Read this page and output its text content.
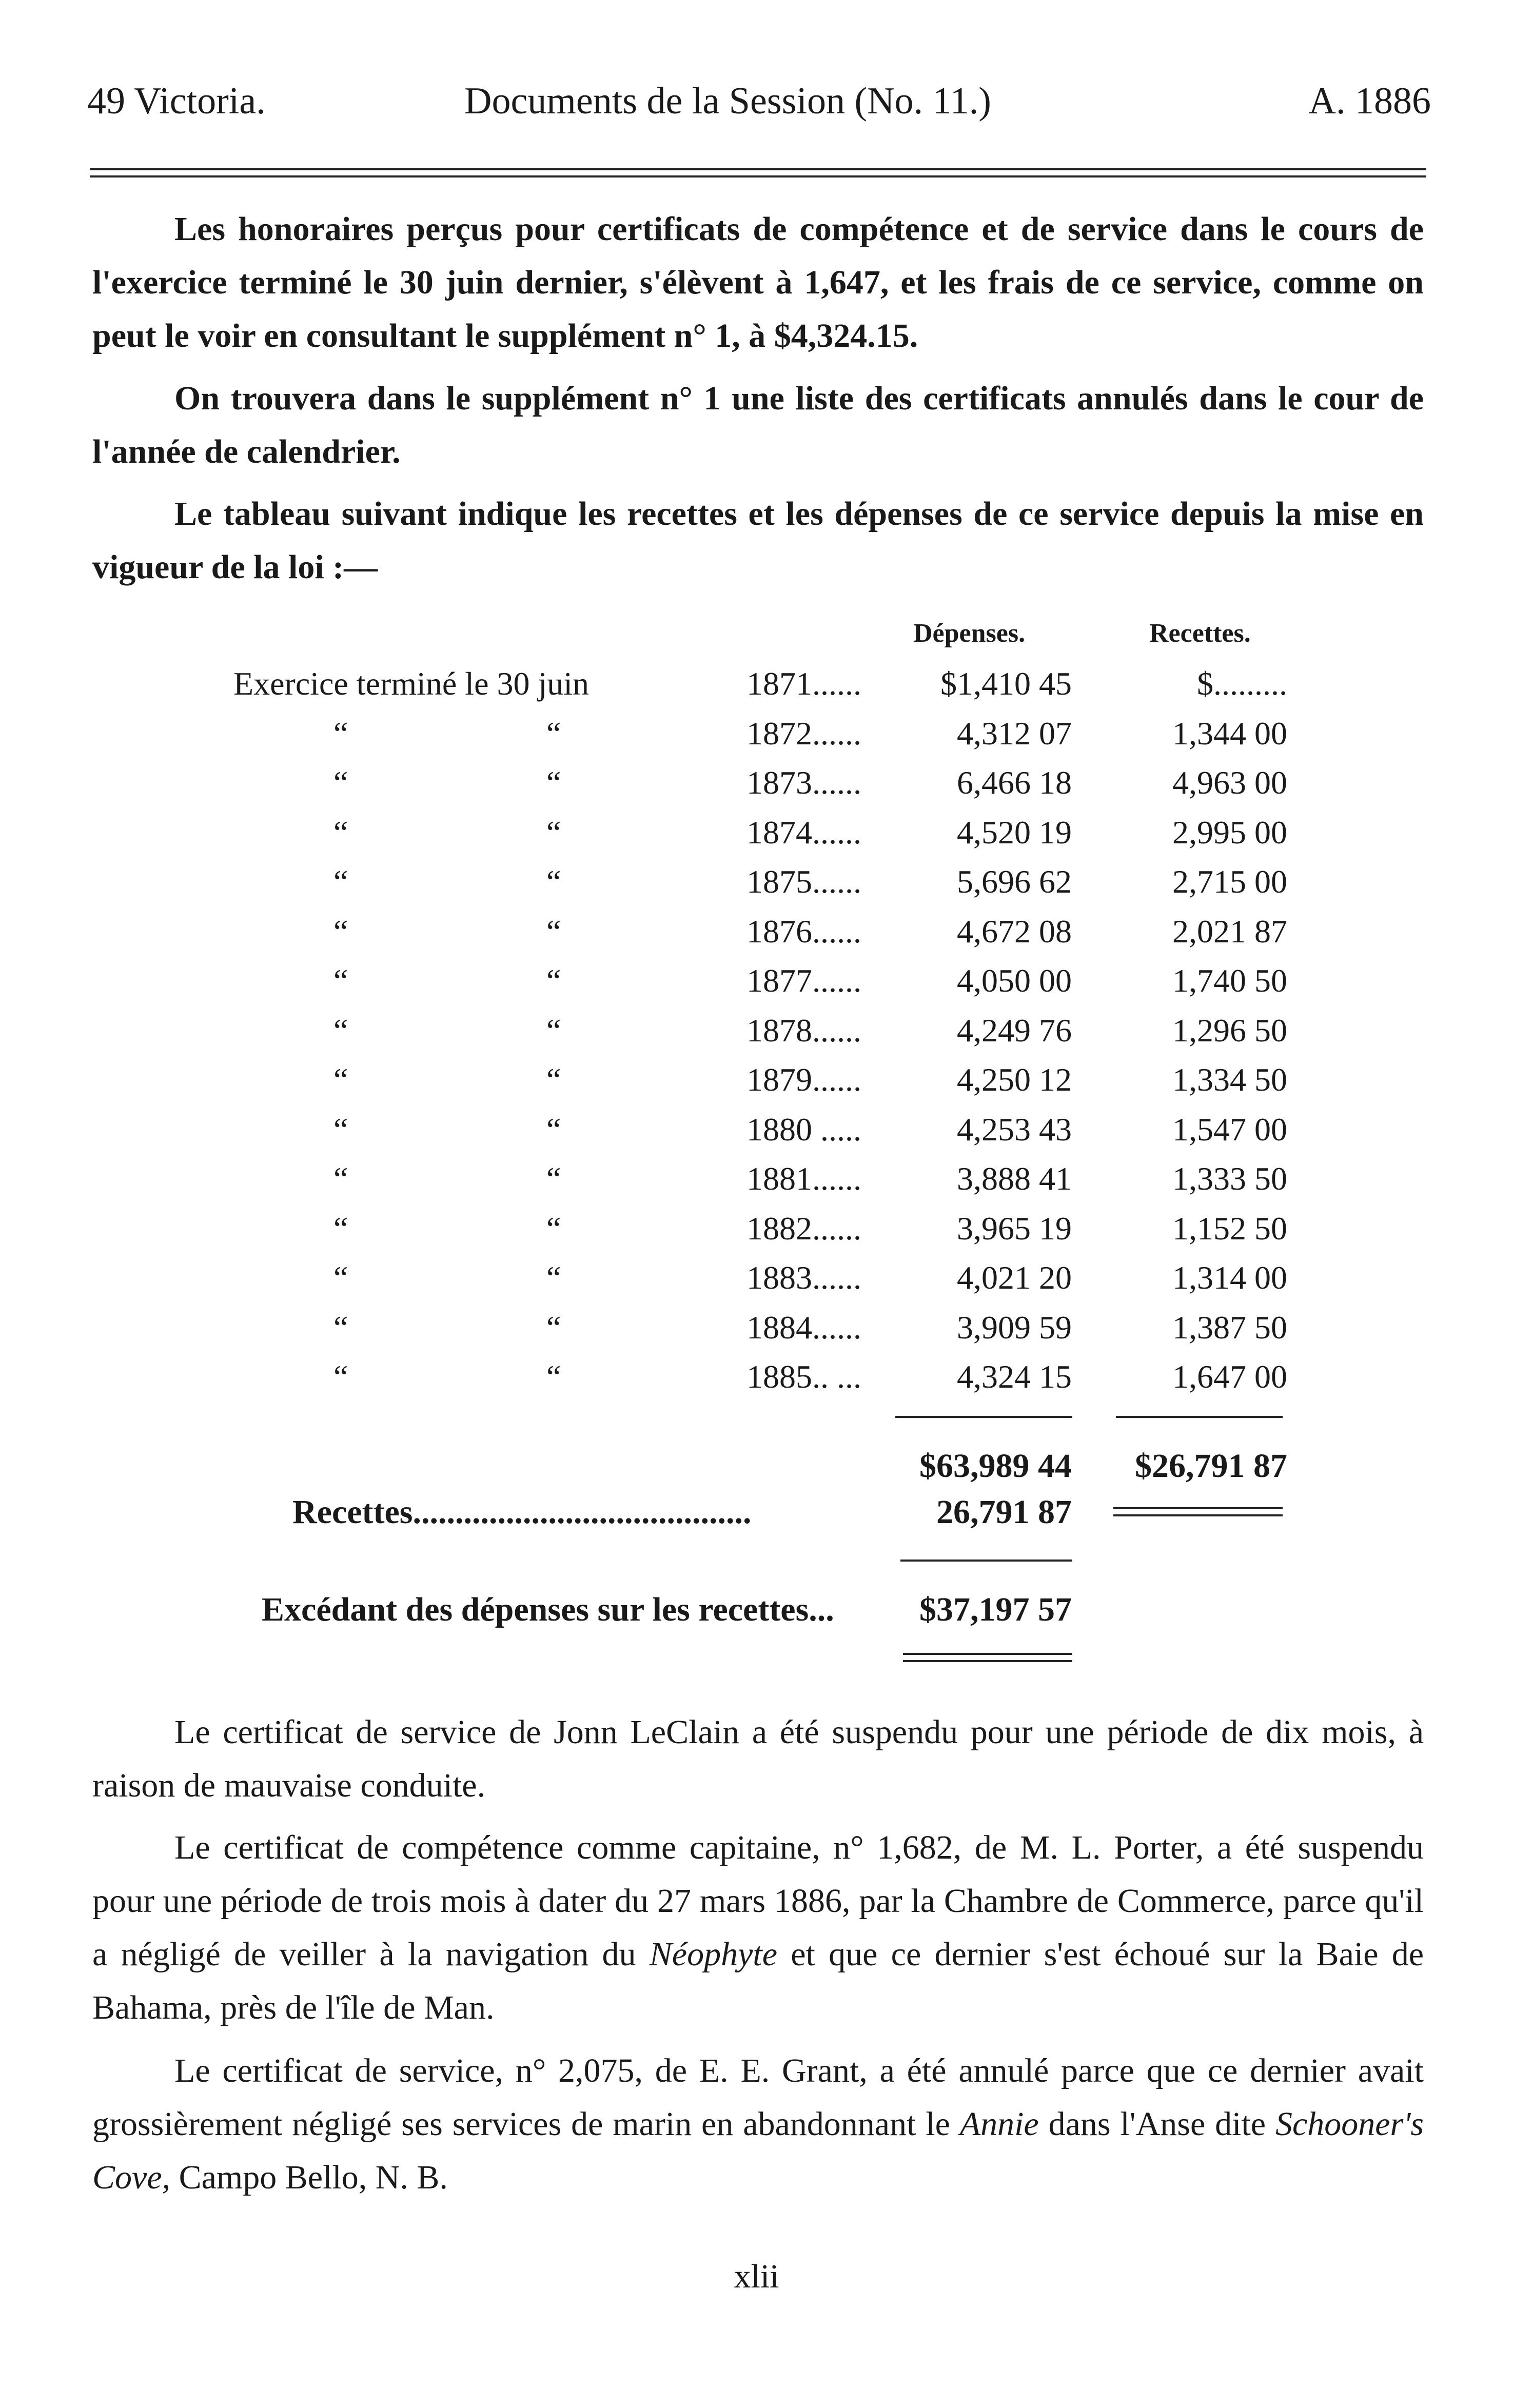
49 Victoria.	Documents de la Session (No. 11.)	A. 1886

Les honoraires perçus pour certificats de compétence et de service dans le cours de l'exercice terminé le 30 juin dernier, s'élèvent à 1,647, et les frais de ce service, comme on peut le voir en consultant le supplément n° 1, à $4,324.15.

On trouvera dans le supplément n° 1 une liste des certificats annulés dans le cour de l'année de calendrier.

Le tableau suivant indique les recettes et les dépenses de ce service depuis la mise en vigueur de la loi :—

Dépenses.	Recettes.
Exercice terminé le 30 juin	1871...... $1,410 45	$.........
“	“	1872......	4,312 07	1,344 00
“	“	1873......	6,466 18	4,963 00
“	“	1874......	4,520 19	2,995 00
“	“	1875......	5,696 62	2,715 00
“	“	1876......	4,672 08	2,021 87
“	“	1877......	4,050 00	1,740 50
“	“	1878......	4,249 76	1,296 50
“	“	1879......	4,250 12	1,334 50
“	“	1880 .....	4,253 43	1,547 00
“	“	1881......	3,888 41	1,333 50
“	“	1882......	3,965 19	1,152 50
“	“	1883......	4,021 20	1,314 00
“	“	1884......	3,909 59	1,387 50
“	“	1885.. ...	4,324 15	1,647 00
$63,989 44 $26,791 87
Recettes........................................	26,791 87
Excédant des dépenses sur les recettes...	$37,197 57

Le certificat de service de Jonn LeClain a été suspendu pour une période de dix mois, à raison de mauvaise conduite.

Le certificat de compétence comme capitaine, n° 1,682, de M. L. Porter, a été suspendu pour une période de trois mois à dater du 27 mars 1886, par la Chambre de Commerce, parce qu'il a négligé de veiller à la navigation du Néophyte et que ce dernier s'est échoué sur la Baie de Bahama, près de l'île de Man.

Le certificat de service, n° 2,075, de E. E. Grant, a été annulé parce que ce dernier avait grossièrement négligé ses services de marin en abandonnant le Annie dans l'Anse dite Schooner's Cove, Campo Bello, N. B.

xlii
